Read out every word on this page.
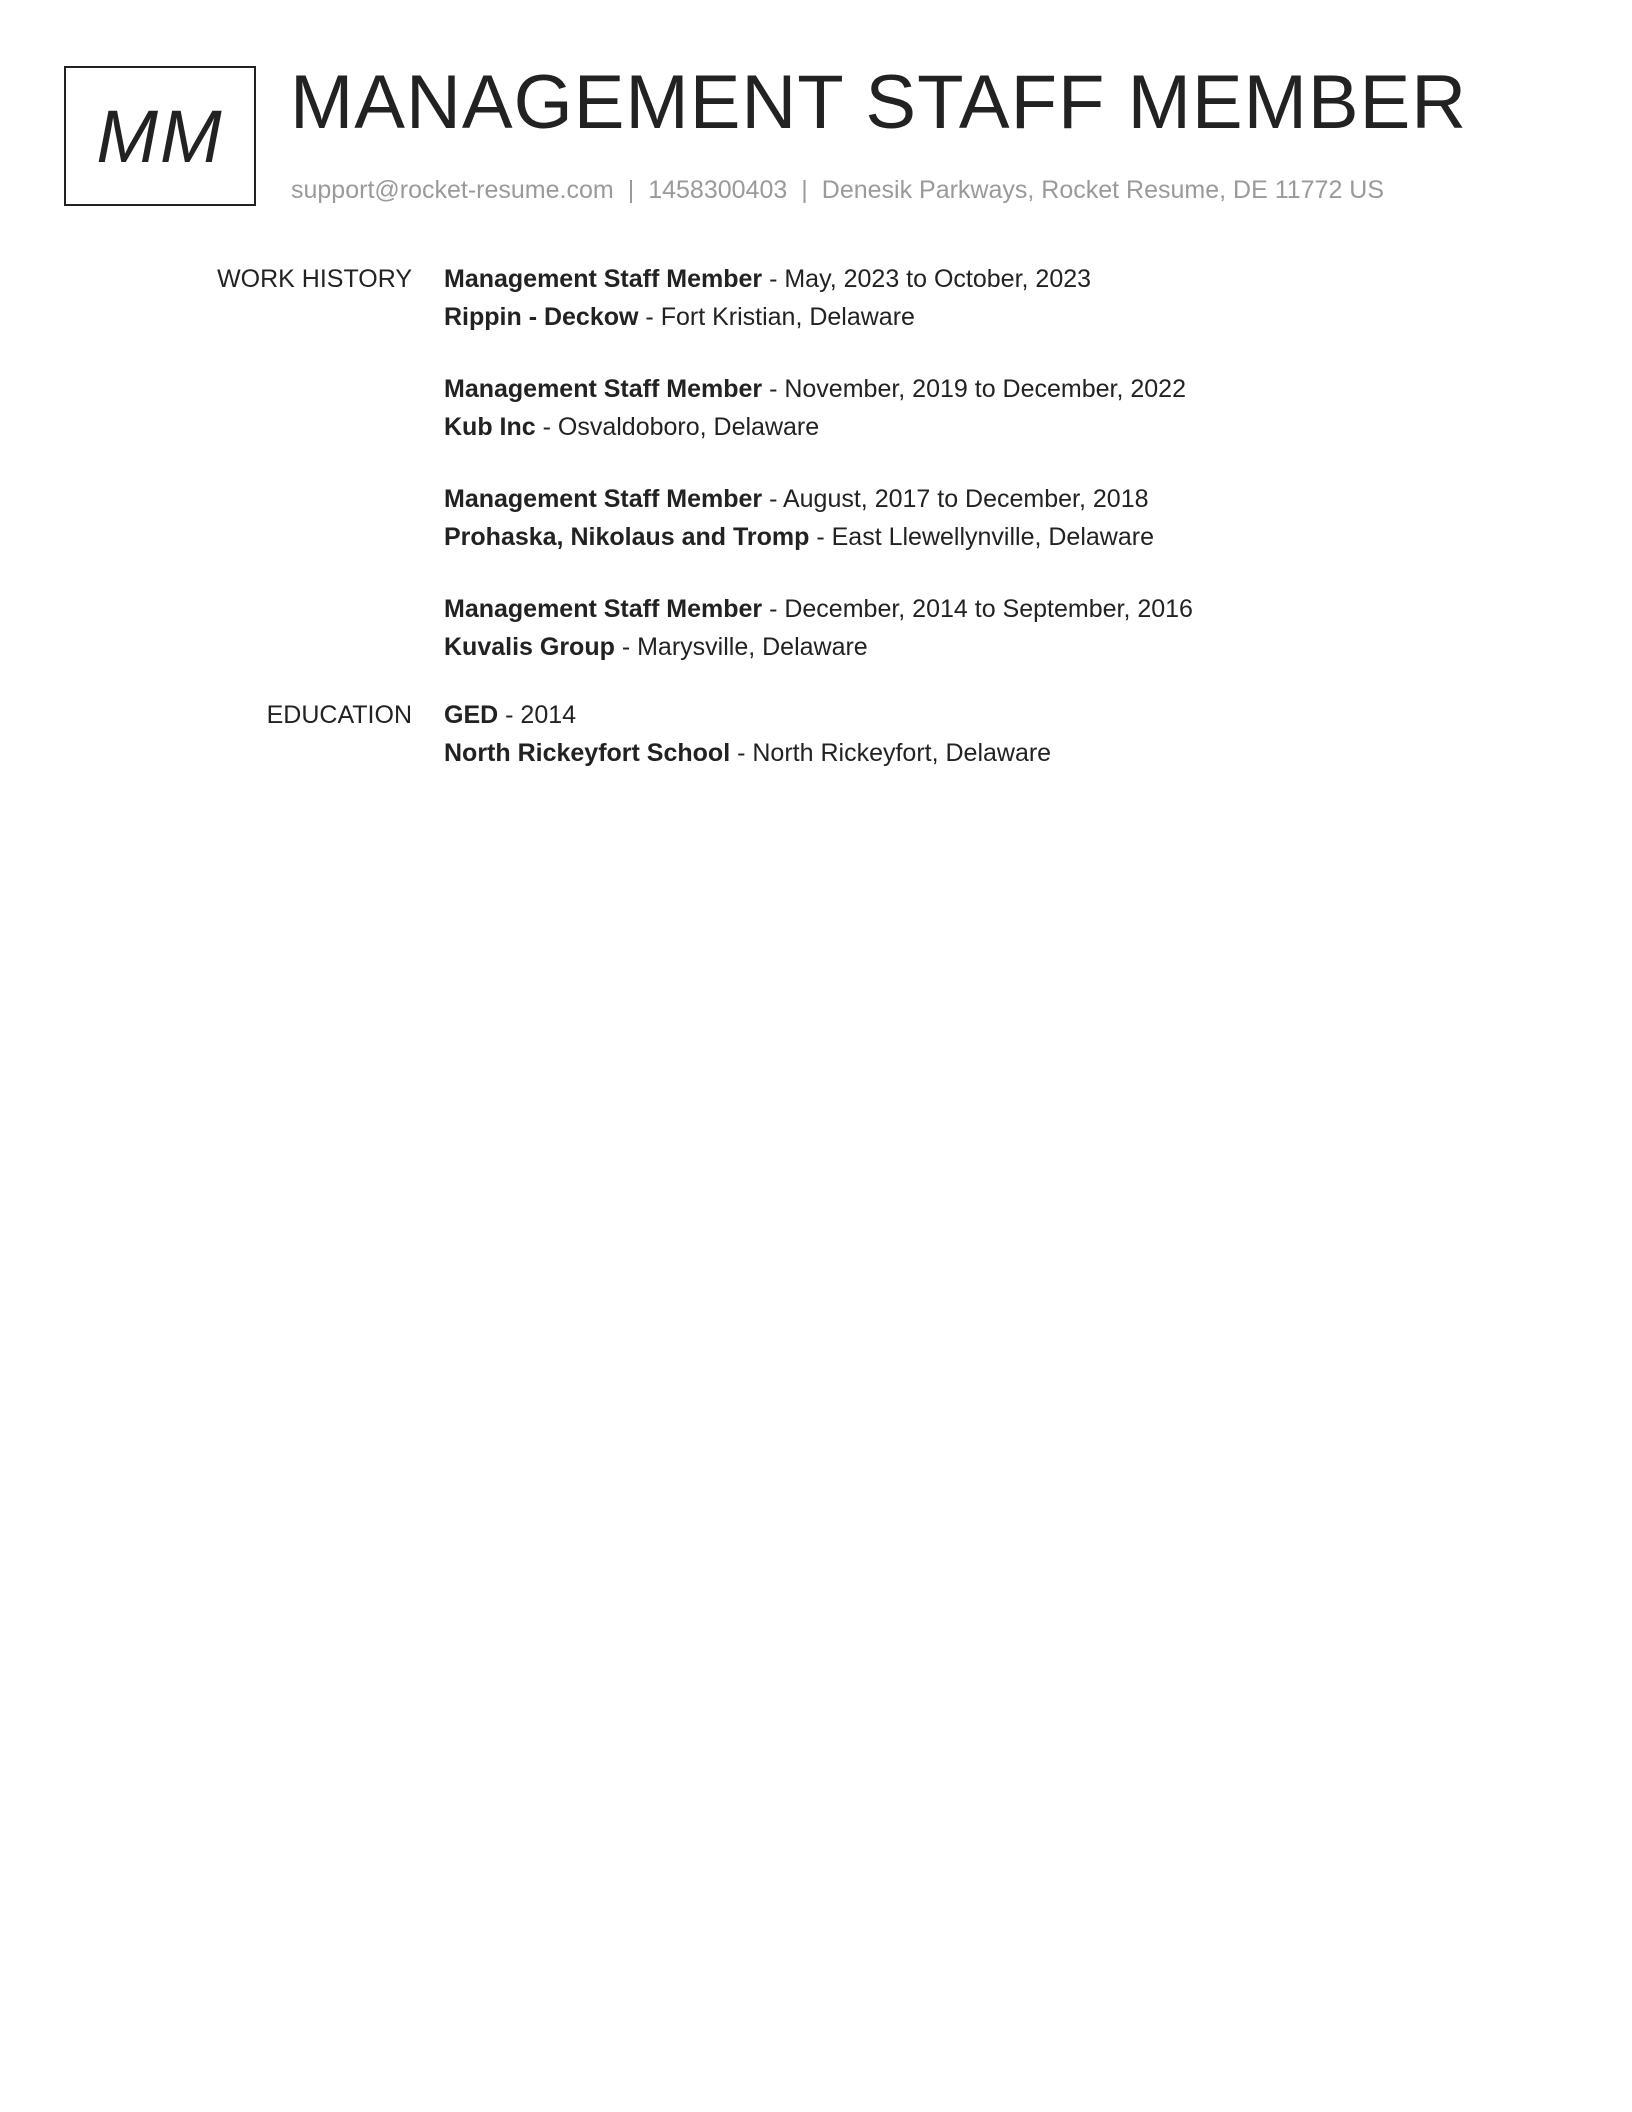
MM MANAGEMENT STAFF MEMBER
support@rocket-resume.com | 1458300403 | Denesik Parkways, Rocket Resume, DE 11772 US
WORK HISTORY Management Staff Member - May, 2023 to October, 2023
Rippin - Deckow - Fort Kristian, Delaware
Management Staff Member - November, 2019 to December, 2022
Kub Inc - Osvaldoboro, Delaware
Management Staff Member - August, 2017 to December, 2018
Prohaska, Nikolaus and Tromp - East Llewellynville, Delaware
Management Staff Member - December, 2014 to September, 2016
Kuvalis Group - Marysville, Delaware
EDUCATION GED - 2014
North Rickeyfort School - North Rickeyfort, Delaware
